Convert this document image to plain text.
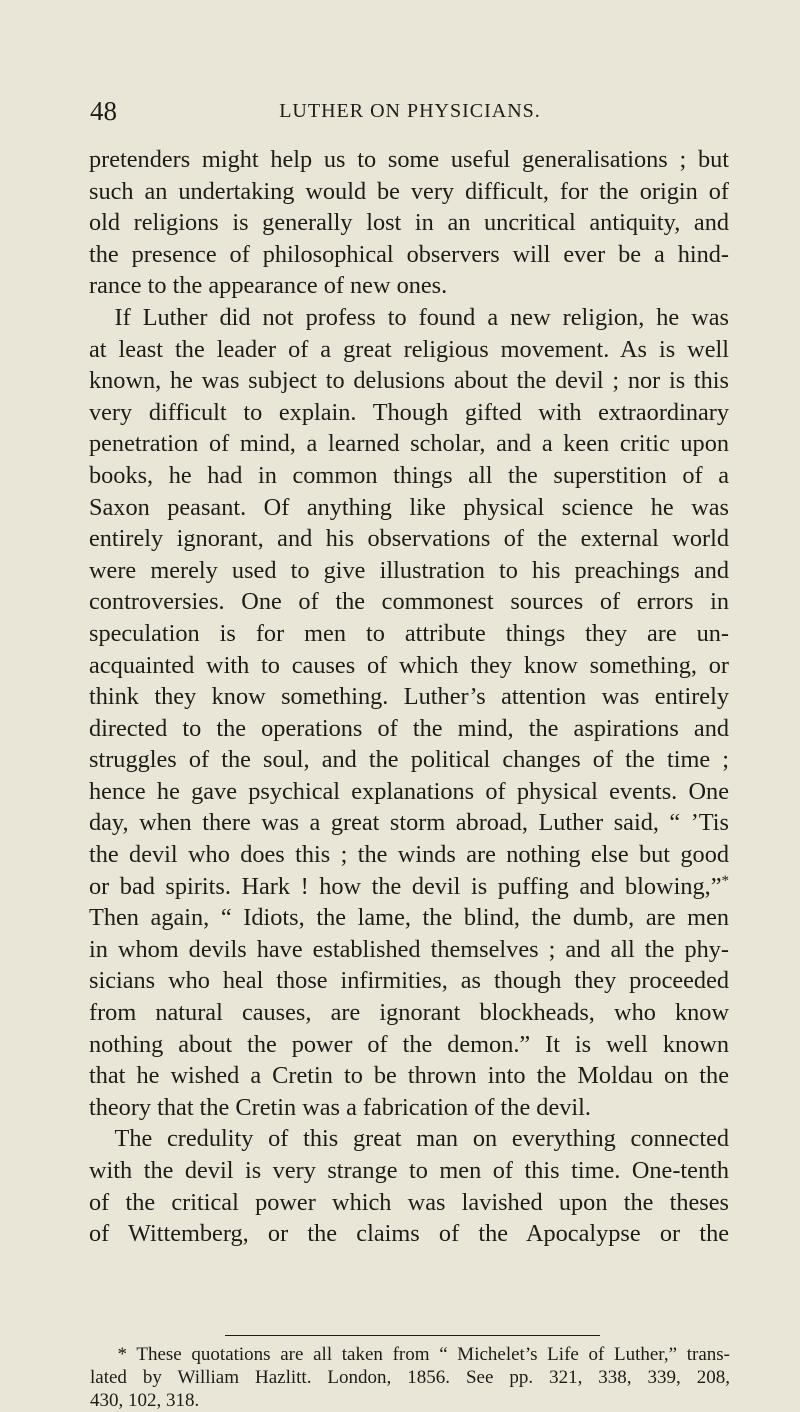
48	LUTHER ON PHYSICIANS.

pretenders might help us to some useful generalisations ; but
such an undertaking would be very difficult, for the origin of
old religions is generally lost in an uncritical antiquity, and
the presence of philosophical observers will ever be a hind-
rance to the appearance of new ones.

If Luther did not profess to found a new religion, he was
at least the leader of a great religious movement. As is well
known, he was subject to delusions about the devil ; nor is this
very difficult to explain. Though gifted with extraordinary
penetration of mind, a learned scholar, and a keen critic upon
books, he had in common things all the superstition of a
Saxon peasant. Of anything like physical science he was
entirely ignorant, and his observations of the external world
were merely used to give illustration to his preachings and
controversies. One of the commonest sources of errors in
speculation is for men to attribute things they are un-
acquainted with to causes of which they know something, or
think they know something. Luther’s attention was entirely
directed to the operations of the mind, the aspirations and
struggles of the soul, and the political changes of the time ;
hence he gave psychical explanations of physical events. One
day, when there was a great storm abroad, Luther said, “ ’Tis
the devil who does this ; the winds are nothing else but good
or bad spirits. Hark ! how the devil is puffing and blowing,”*
Then again, “ Idiots, the lame, the blind, the dumb, are men
in whom devils have established themselves ; and all the phy-
sicians who heal those infirmities, as though they proceeded
from natural causes, are ignorant blockheads, who know
nothing about the power of the demon.” It is well known
that he wished a Cretin to be thrown into the Moldau on the
theory that the Cretin was a fabrication of the devil.

The credulity of this great man on everything connected
with the devil is very strange to men of this time. One-tenth
of the critical power which was lavished upon the theses
of Wittemberg, or the claims of the Apocalypse or the

* These quotations are all taken from “ Michelet’s Life of Luther,” trans-
lated by William Hazlitt. London, 1856. See pp. 321, 338, 339, 208,
430, 102, 318.
